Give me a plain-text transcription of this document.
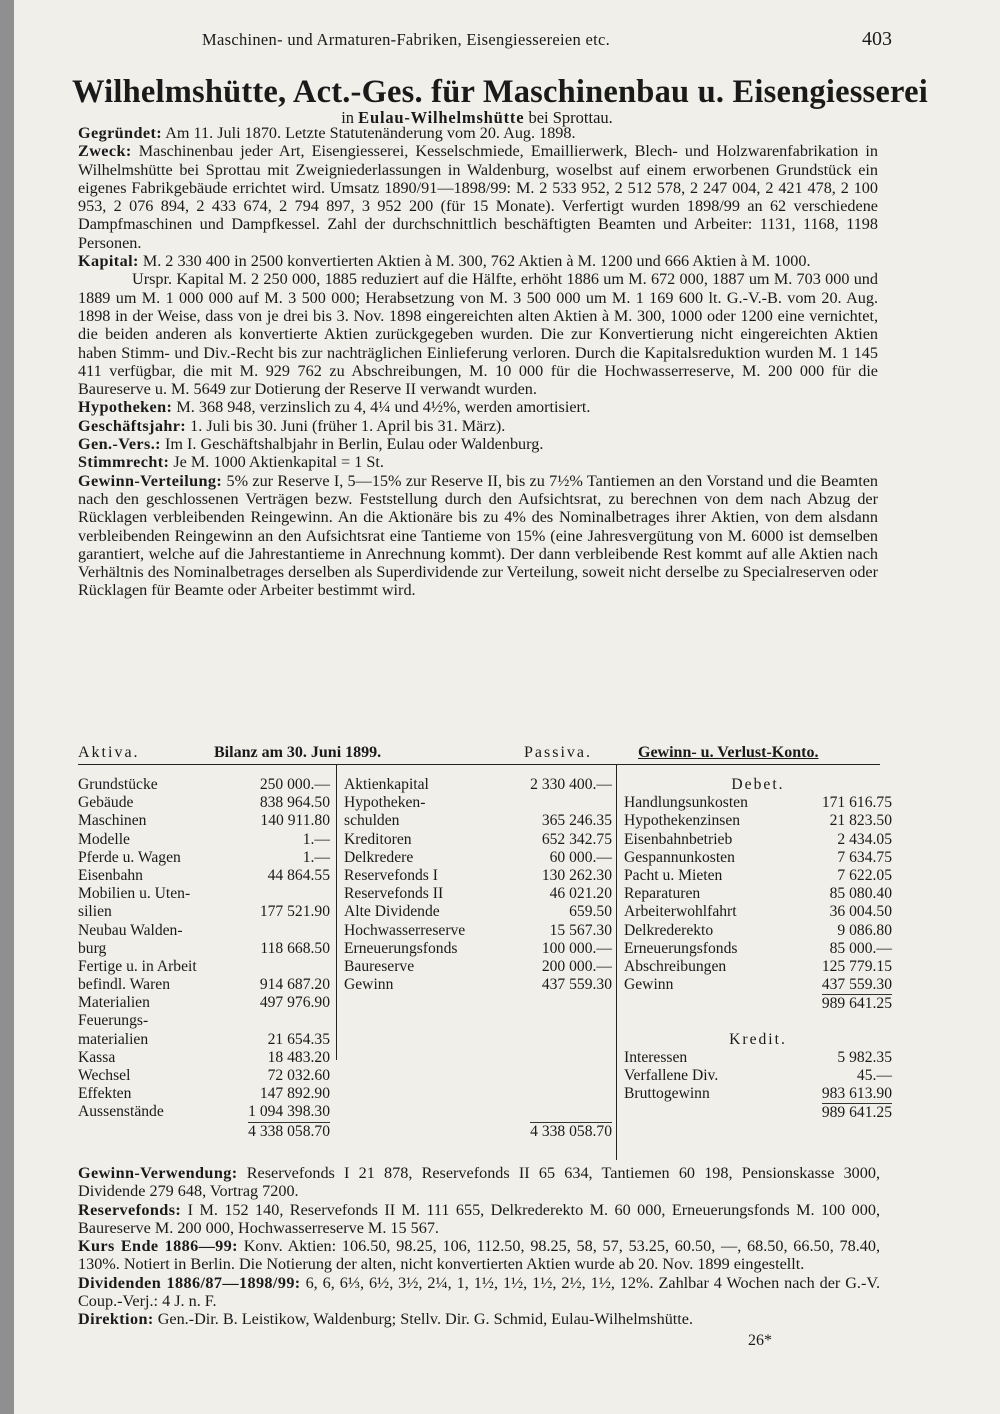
Maschinen- und Armaturen-Fabriken, Eisengiessereien etc.	403
Wilhelmshütte, Act.-Ges. für Maschinenbau u. Eisengiesserei
in Eulau-Wilhelmshütte bei Sprottau.

Gegründet: Am 11. Juli 1870. Letzte Statutenänderung vom 20. Aug. 1898.

Zweck: Maschinenbau jeder Art, Eisengiesserei, Kesselschmiede, Emaillierwerk, Blech- und Holzwarenfabrikation in Wilhelmshütte bei Sprottau mit Zweigniederlassungen in Waldenburg, woselbst auf einem erworbenen Grundstück ein eigenes Fabrikgebäude errichtet wird. Umsatz 1890/91—1898/99: M. 2 533 952, 2 512 578, 2 247 004, 2 421 478, 2 100 953, 2 076 894, 2 433 674, 2 794 897, 3 952 200 (für 15 Monate). Verfertigt wurden 1898/99 an 62 verschiedene Dampfmaschinen und Dampfkessel. Zahl der durchschnittlich beschäftigten Beamten und Arbeiter: 1131, 1168, 1198 Personen.

Kapital: M. 2 330 400 in 2500 konvertierten Aktien à M. 300, 762 Aktien à M. 1200 und 666 Aktien à M. 1000.

Urspr. Kapital M. 2 250 000, 1885 reduziert auf die Hälfte, erhöht 1886 um M. 672 000, 1887 um M. 703 000 und 1889 um M. 1 000 000 auf M. 3 500 000; Herabsetzung von M. 3 500 000 um M. 1 169 600 lt. G.-V.-B. vom 20. Aug. 1898 in der Weise, dass von je drei bis 3. Nov. 1898 eingereichten alten Aktien à M. 300, 1000 oder 1200 eine vernichtet, die beiden anderen als konvertierte Aktien zurückgegeben wurden. Die zur Konvertierung nicht eingereichten Aktien haben Stimm- und Div.-Recht bis zur nachträglichen Einlieferung verloren. Durch die Kapitalsreduktion wurden M. 1 145 411 verfügbar, die mit M. 929 762 zu Abschreibungen, M. 10 000 für die Hochwasserreserve, M. 200 000 für die Baureserve u. M. 5649 zur Dotierung der Reserve II verwandt wurden.

Hypotheken: M. 368 948, verzinslich zu 4, 4¼ und 4½%, werden amortisiert.

Geschäftsjahr: 1. Juli bis 30. Juni (früher 1. April bis 31. März).

Gen.-Vers.: Im I. Geschäftshalbjahr in Berlin, Eulau oder Waldenburg.

Stimmrecht: Je M. 1000 Aktienkapital = 1 St.

Gewinn-Verteilung: 5% zur Reserve I, 5—15% zur Reserve II, bis zu 7½% Tantiemen an den Vorstand und die Beamten nach den geschlossenen Verträgen bezw. Feststellung durch den Aufsichtsrat, zu berechnen von dem nach Abzug der Rücklagen verbleibenden Reingewinn. An die Aktionäre bis zu 4% des Nominalbetrages ihrer Aktien, von dem alsdann verbleibenden Reingewinn an den Aufsichtsrat eine Tantieme von 15% (eine Jahresvergütung von M. 6000 ist demselben garantiert, welche auf die Jahrestantieme in Anrechnung kommt). Der dann verbleibende Rest kommt auf alle Aktien nach Verhältnis des Nominalbetrages derselben als Superdividende zur Verteilung, soweit nicht derselbe zu Specialreserven oder Rücklagen für Beamte oder Arbeiter bestimmt wird.

Aktiva.	Bilanz am 30. Juni 1899.	Passiva.	Gewinn- u. Verlust-Konto.
Grundstücke	250 000.—
Gebäude	838 964.50
Maschinen	140 911.80
Modelle	1.—
Pferde u. Wagen	1.—
Eisenbahn	44 864.55
Mobilien u. Uten-
silien	177 521.90
Neubau Walden-
burg	118 668.50
Fertige u. in Arbeit
befindl. Waren	914 687.20
Materialien	497 976.90
Feuerungs-
materialien	21 654.35
Kassa	18 483.20
Wechsel	72 032.60
Effekten	147 892.90
Aussenstände	1 094 398.30
4 338 058.70
Aktienkapital	2 330 400.—
Hypotheken-
schulden	365 246.35
Kreditoren	652 342.75
Delkredere	60 000.—
Reservefonds I	130 262.30
Reservefonds II	46 021.20
Alte Dividende	659.50
Hochwasserreserve	15 567.30
Erneuerungsfonds	100 000.—
Baureserve	200 000.—
Gewinn	437 559.30
4 338 058.70
Debet.
Handlungsunkosten	171 616.75
Hypothekenzinsen	21 823.50
Eisenbahnbetrieb	2 434.05
Gespannunkosten	7 634.75
Pacht u. Mieten	7 622.05
Reparaturen	85 080.40
Arbeiterwohlfahrt	36 004.50
Delkrederekto	9 086.80
Erneuerungsfonds	85 000.—
Abschreibungen	125 779.15
Gewinn	437 559.30
989 641.25
Kredit.
Interessen	5 982.35
Verfallene Div.	45.—
Bruttogewinn	983 613.90
989 641.25

Gewinn-Verwendung: Reservefonds I 21 878, Reservefonds II 65 634, Tantiemen 60 198, Pensionskasse 3000, Dividende 279 648, Vortrag 7200.

Reservefonds: I M. 152 140, Reservefonds II M. 111 655, Delkrederekto M. 60 000, Erneuerungsfonds M. 100 000, Baureserve M. 200 000, Hochwasserreserve M. 15 567.

Kurs Ende 1886—99: Konv. Aktien: 106.50, 98.25, 106, 112.50, 98.25, 58, 57, 53.25, 60.50, —, 68.50, 66.50, 78.40, 130%. Notiert in Berlin. Die Notierung der alten, nicht konvertierten Aktien wurde ab 20. Nov. 1899 eingestellt.

Dividenden 1886/87—1898/99: 6, 6, 6⅓, 6½, 3½, 2¼, 1, 1½, 1½, 1½, 2½, 1½, 12%. Zahlbar 4 Wochen nach der G.-V. Coup.-Verj.: 4 J. n. F.

Direktion: Gen.-Dir. B. Leistikow, Waldenburg; Stellv. Dir. G. Schmid, Eulau-Wilhelmshütte.

26*
